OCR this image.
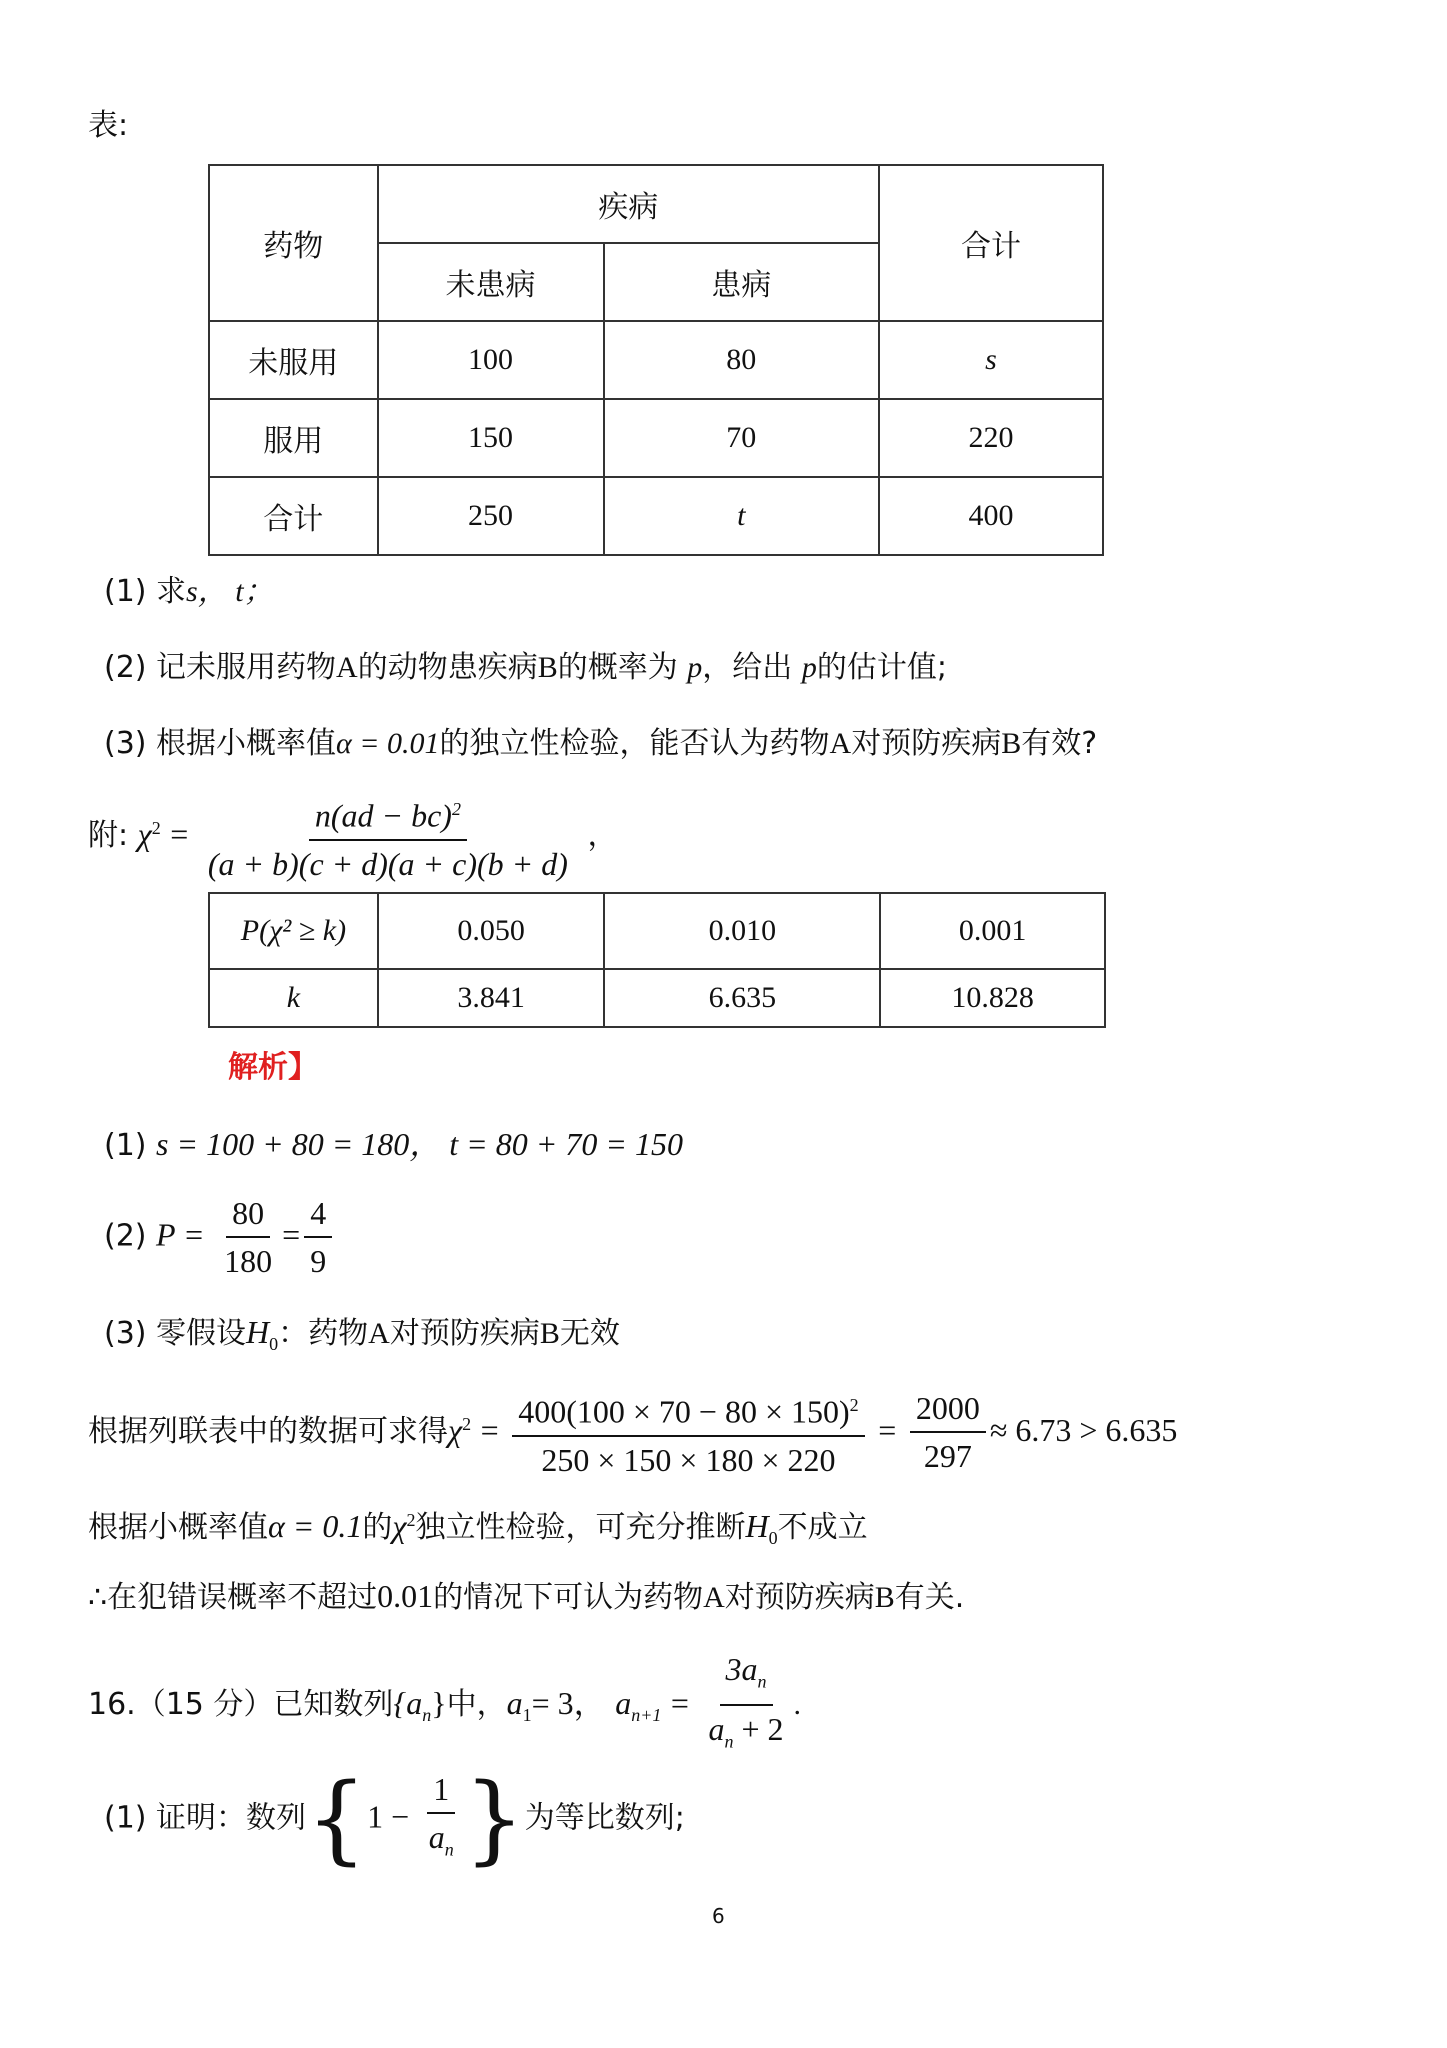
表:
药物	疾病		合计
	未患病	患病	
未服用	100	80	s
服用	150	70	220
合计	250	t	400
(1) 求s， t；
(2) 记未服用药物A的动物患疾病B的概率为 p，给出 p的估计值;
(3) 根据小概率值α = 0.01的独立性检验，能否认为药物A对预防疾病B有效?
附: $\chi^2 = \frac{n(ad - bc)^2}{(a + b)(c + d)(a + c)(b + d)}$ ，
P(χ² ≥ k)	0.050	0.010	0.001
k	3.841	6.635	10.828
解析】
(1) s = 100 + 80 = 180， t = 80 + 70 = 150
(2) $P = \frac{80}{180} = \frac{4}{9}$
(3) 零假设$H_0$：药物A对预防疾病B无效
根据列联表中的数据可求得$\chi^2 = \frac{400(100 \times 70 - 80 \times 150)^2}{250 \times 150 \times 180 \times 220} = \frac{2000}{297} \approx 6.73 > 6.635$
根据小概率值α = 0.1的$\chi^2$独立性检验，可充分推断$H_0$不成立
∴在犯错误概率不超过0.01的情况下可认为药物A对预防疾病B有关.
16.（15 分）已知数列$\{a_n\}$中，$a_1= 3$， $a_{n+1} = \frac{3a_n}{a_n + 2}$ .
(1) 证明：数列{$1 - \frac{1}{a_n}$ }为等比数列;
6
